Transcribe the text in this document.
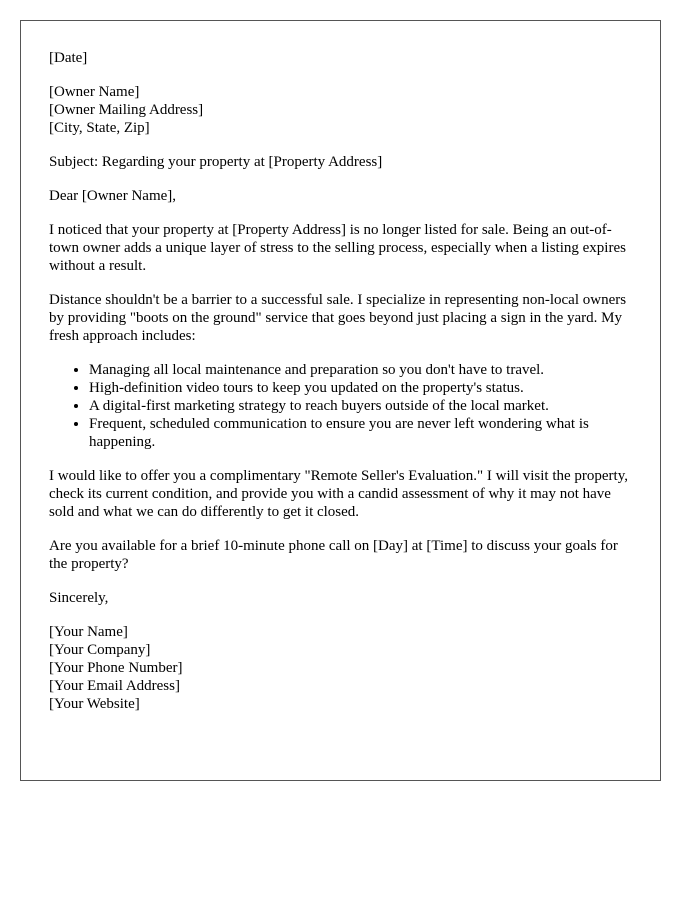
[Date]

[Owner Name]
[Owner Mailing Address]
[City, State, Zip]

Subject: Regarding your property at [Property Address]

Dear [Owner Name],

I noticed that your property at [Property Address] is no longer listed for sale. Being an out-of-town owner adds a unique layer of stress to the selling process, especially when a listing expires without a result.

Distance shouldn't be a barrier to a successful sale. I specialize in representing non-local owners by providing "boots on the ground" service that goes beyond just placing a sign in the yard. My fresh approach includes:

• Managing all local maintenance and preparation so you don't have to travel.
• High-definition video tours to keep you updated on the property's status.
• A digital-first marketing strategy to reach buyers outside of the local market.
• Frequent, scheduled communication to ensure you are never left wondering what is happening.

I would like to offer you a complimentary "Remote Seller's Evaluation." I will visit the property, check its current condition, and provide you with a candid assessment of why it may not have sold and what we can do differently to get it closed.

Are you available for a brief 10-minute phone call on [Day] at [Time] to discuss your goals for the property?

Sincerely,

[Your Name]
[Your Company]
[Your Phone Number]
[Your Email Address]
[Your Website]
